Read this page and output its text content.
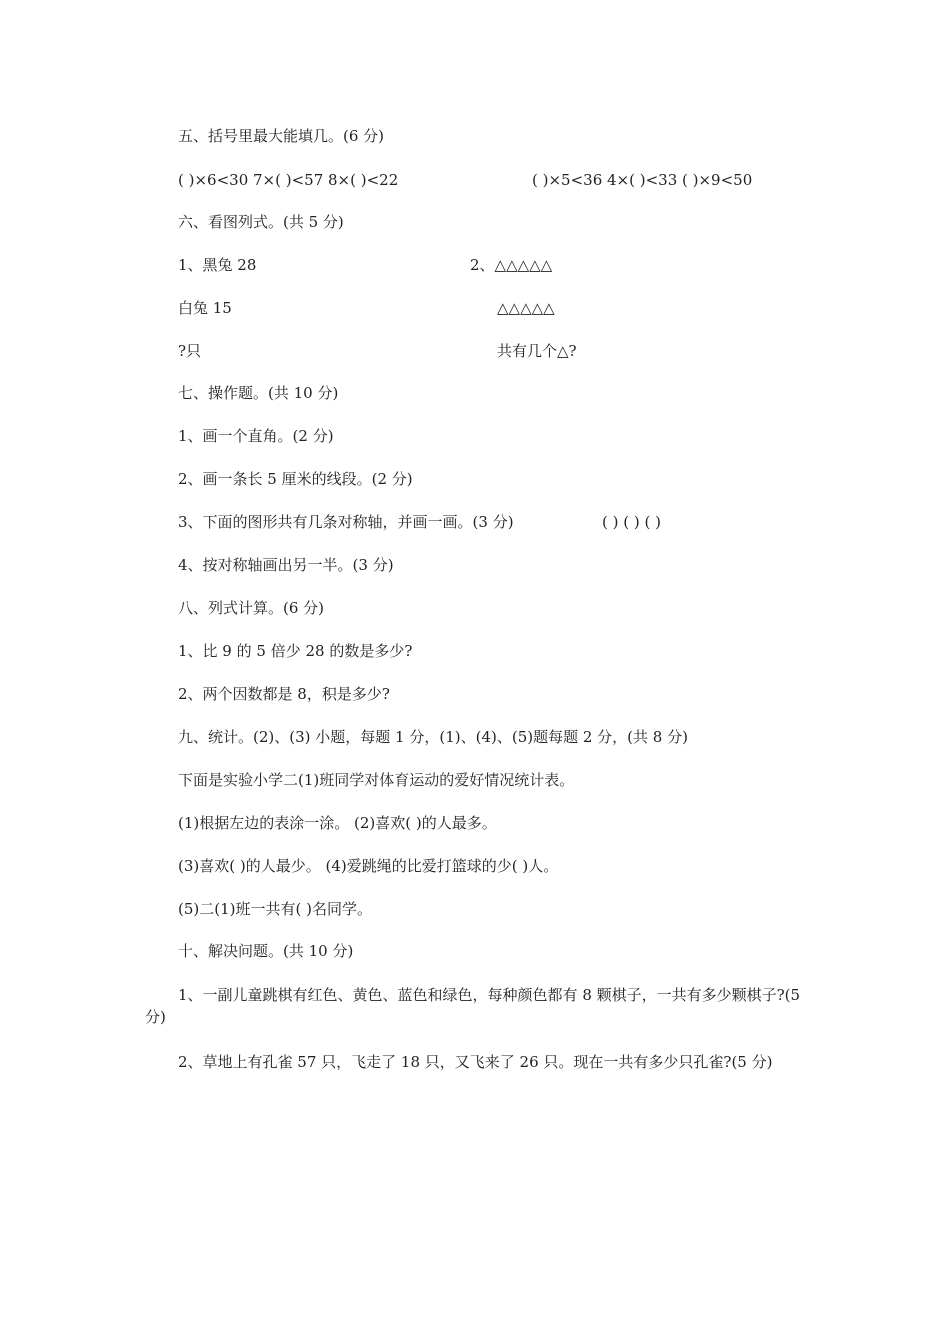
五、括号里最大能填几。(6 分)
( )×6<30 7×( )<57 8×( )<22	( )×5<36 4×( )<33 ( )×9<50
六、看图列式。(共 5 分)
1、黑兔 28	2、△△△△△
白兔 15	△△△△△
?只	共有几个△?
七、操作题。(共 10 分)
1、画一个直角。(2 分)
2、画一条长 5 厘米的线段。(2 分)
3、下面的图形共有几条对称轴，并画一画。(3 分)	( ) ( ) ( )
4、按对称轴画出另一半。(3 分)
八、列式计算。(6 分)
1、比 9 的 5 倍少 28 的数是多少?
2、两个因数都是 8，积是多少?
九、统计。(2)、(3) 小题，每题 1 分，(1)、(4)、(5)题每题 2 分，(共 8 分)
下面是实验小学二(1)班同学对体育运动的爱好情况统计表。
(1)根据左边的表涂一涂。 (2)喜欢( )的人最多。
(3)喜欢( )的人最少。 (4)爱跳绳的比爱打篮球的少( )人。
(5)二(1)班一共有( )名同学。
十、解决问题。(共 10 分)
1、一副儿童跳棋有红色、黄色、蓝色和绿色，每种颜色都有 8 颗棋子，一共有多少颗棋子?(5 分)
2、草地上有孔雀 57 只，飞走了 18 只，又飞来了 26 只。现在一共有多少只孔雀?(5 分)
